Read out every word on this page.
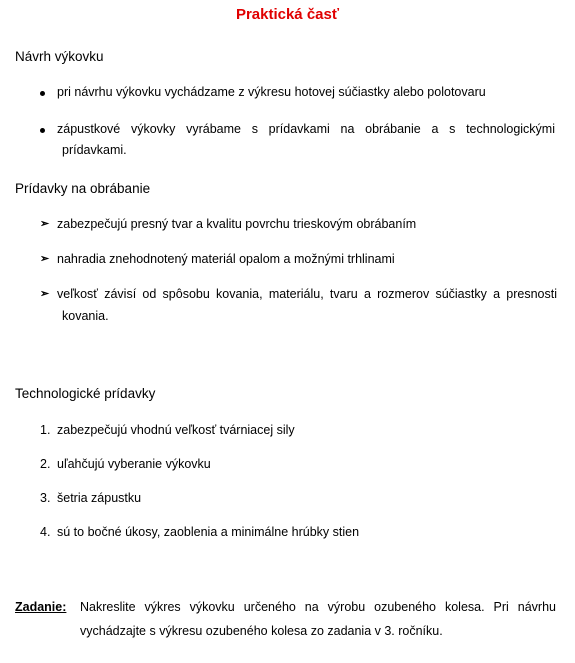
Praktická časť
Návrh výkovku
pri návrhu výkovku vychádzame z výkresu hotovej súčiastky alebo polotovaru
zápustkové výkovky vyrábame s prídavkami na obrábanie a s technologickými
prídavkami.
Prídavky na obrábanie
➢ zabezpečujú presný tvar a kvalitu povrchu trieskovým obrábaním
➢ nahradia znehodnotený materiál opalom a možnými trhlinami
➢ veľkosť závisí od spôsobu kovania, materiálu, tvaru a rozmerov súčiastky a presnosti
kovania.
Technologické prídavky
1. zabezpečujú vhodnú veľkosť tvárniacej sily
2. uľahčujú vyberanie výkovku
3. šetria zápustku
4. sú to bočné úkosy, zaoblenia a minimálne hrúbky stien
Zadanie: Nakreslite výkres výkovku určeného na výrobu ozubeného kolesa. Pri návrhu
vychádzajte s výkresu ozubeného kolesa zo zadania v 3. ročníku.
